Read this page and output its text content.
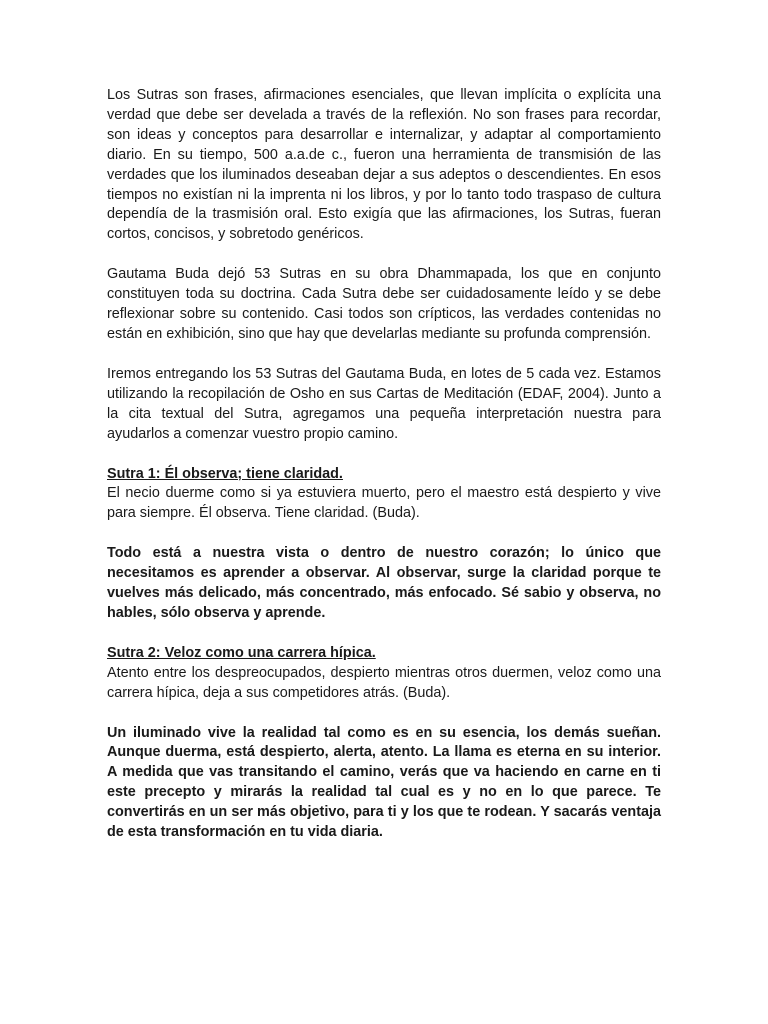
Los Sutras son frases, afirmaciones esenciales, que llevan implícita o explícita una verdad que debe ser develada a través de la reflexión. No son frases para recordar, son ideas y conceptos para desarrollar e internalizar, y adaptar al comportamiento diario. En su tiempo, 500 a.a.de c., fueron una herramienta de transmisión de las verdades que los iluminados deseaban dejar a sus adeptos o descendientes. En esos tiempos no existían ni la imprenta ni los libros, y por lo tanto todo traspaso de cultura dependía de la trasmisión oral. Esto exigía que las afirmaciones, los Sutras, fueran cortos, concisos, y sobretodo genéricos.

Gautama Buda dejó 53 Sutras en su obra Dhammapada, los que en conjunto constituyen toda su doctrina. Cada Sutra debe ser cuidadosamente leído y se debe reflexionar sobre su contenido. Casi todos son crípticos, las verdades contenidas no están en exhibición, sino que hay que develarlas mediante su profunda comprensión.

Iremos entregando los 53 Sutras del Gautama Buda, en lotes de 5 cada vez. Estamos utilizando la recopilación de Osho en sus Cartas de Meditación (EDAF, 2004). Junto a la cita textual del Sutra, agregamos una pequeña interpretación nuestra para ayudarlos a comenzar vuestro propio camino.

Sutra 1: Él observa; tiene claridad.

El necio duerme como si ya estuviera muerto, pero el maestro está despierto y vive para siempre. Él observa. Tiene claridad. (Buda).

Todo está a nuestra vista o dentro de nuestro corazón; lo único que necesitamos es aprender a observar. Al observar, surge la claridad porque te vuelves más delicado, más concentrado, más enfocado. Sé sabio y observa, no hables, sólo observa y aprende.

Sutra 2: Veloz como una carrera hípica.

Atento entre los despreocupados, despierto mientras otros duermen, veloz como una carrera hípica, deja a sus competidores atrás. (Buda).

Un iluminado vive la realidad tal como es en su esencia, los demás sueñan. Aunque duerma, está despierto, alerta, atento. La llama es eterna en su interior. A medida que vas transitando el camino, verás que va haciendo en carne en ti este precepto y mirarás la realidad tal cual es y no en lo que parece. Te convertirás en un ser más objetivo, para ti y los que te rodean. Y sacarás ventaja de esta transformación en tu vida diaria.
